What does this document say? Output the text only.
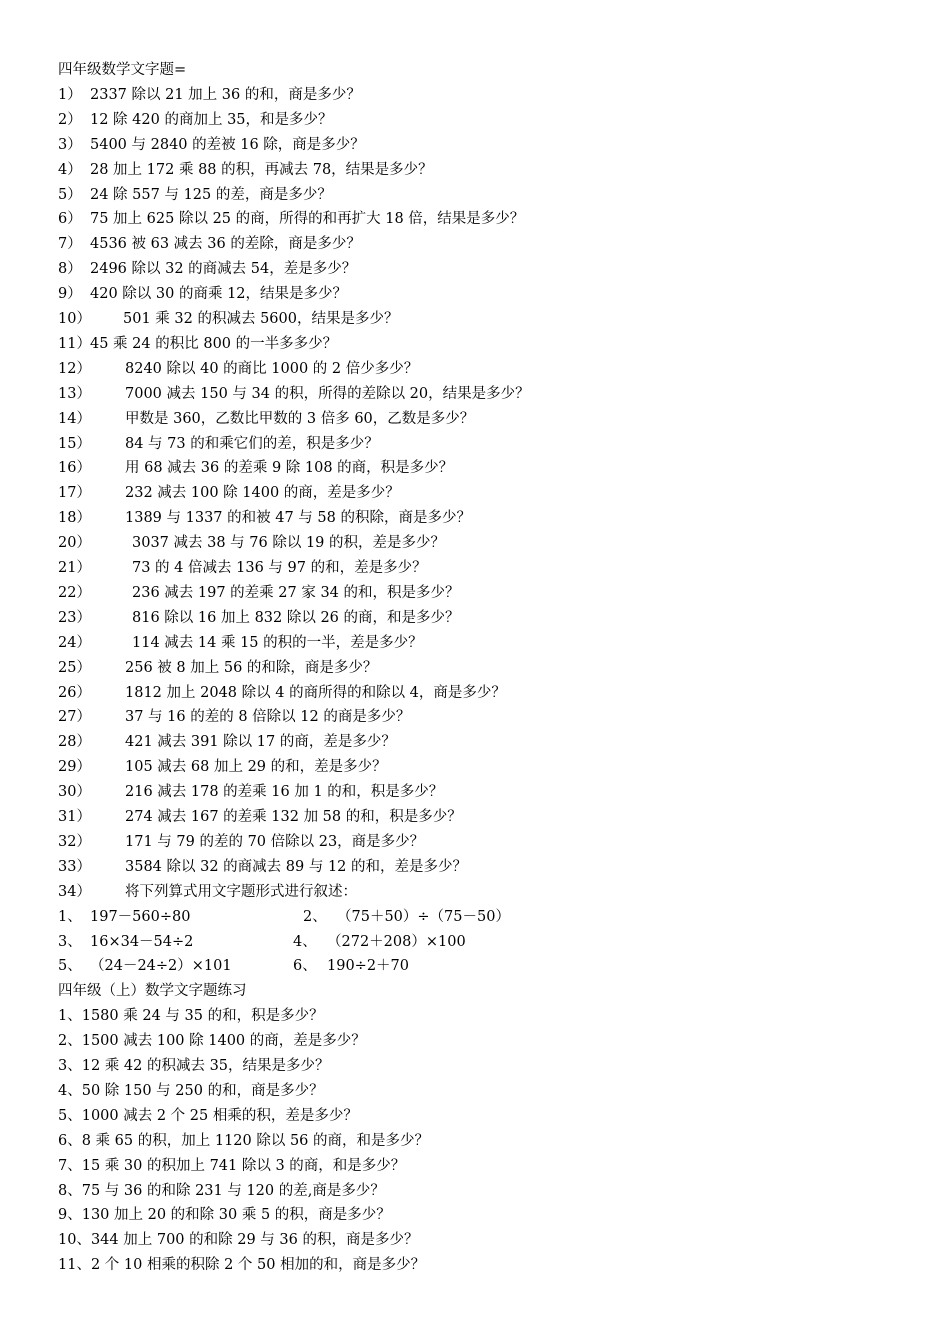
四年级数学文字题=
1） 2337 除以 21 加上 36 的和，商是多少？
2） 12 除 420 的商加上 35，和是多少？
3） 5400 与 2840 的差被 16 除，商是多少？
4） 28 加上 172 乘 88 的积，再减去 78，结果是多少？
5） 24 除 557 与 125 的差，商是多少？
6） 75 加上 625 除以 25 的商，所得的和再扩大 18 倍，结果是多少？
7） 4536 被 63 减去 36 的差除，商是多少？
8） 2496 除以 32 的商减去 54，差是多少？
9） 420 除以 30 的商乘 12，结果是多少？
10） 501 乘 32 的积减去 5600，结果是多少？
11）45 乘 24 的积比 800 的一半多多少？
12） 8240 除以 40 的商比 1000 的 2 倍少多少？
13） 7000 减去 150 与 34 的积，所得的差除以 20，结果是多少？
14） 甲数是 360，乙数比甲数的 3 倍多 60，乙数是多少？
15） 84 与 73 的和乘它们的差，积是多少？
16） 用 68 减去 36 的差乘 9 除 108 的商，积是多少？
17） 232 减去 100 除 1400 的商，差是多少？
18） 1389 与 1337 的和被 47 与 58 的积除，商是多少？
20）	3037 减去 38 与 76 除以 19 的积，差是多少？
21）	73 的 4 倍减去 136 与 97 的和，差是多少？
22）	236 减去 197 的差乘 27 家 34 的和，积是多少？
23）	816 除以 16 加上 832 除以 26 的商，和是多少？
24）	114 减去 14 乘 15 的积的一半，差是多少？
25） 256 被 8 加上 56 的和除，商是多少？
26） 1812 加上 2048 除以 4 的商所得的和除以 4，商是多少？
27） 37 与 16 的差的 8 倍除以 12 的商是多少？
28） 421 减去 391 除以 17 的商，差是多少？
29） 105 减去 68 加上 29 的和，差是多少？
30） 216 减去 178 的差乘 16 加 1 的和，积是多少？
31） 274 减去 167 的差乘 132 加 58 的和，积是多少？
32） 171 与 79 的差的 70 倍除以 23，商是多少？
33） 3584 除以 32 的商减去 89 与 12 的和，差是多少？
34） 将下列算式用文字题形式进行叙述：
1、 197－560÷80	2、 （75＋50）÷（75－50）
3、 16×34－54÷2	4、 （272＋208）×100
5、 （24－24÷2）×101	6、 190÷2＋70
四年级（上）数学文字题练习
1、1580 乘 24 与 35 的和，积是多少？
2、1500 减去 100 除 1400 的商，差是多少？
3、12 乘 42 的积减去 35，结果是多少？
4、50 除 150 与 250 的和，商是多少？
5、1000 减去 2 个 25 相乘的积，差是多少？
6、8 乘 65 的积，加上 1120 除以 56 的商，和是多少？
7、15 乘 30 的积加上 741 除以 3 的商，和是多少？
8、75 与 36 的和除 231 与 120 的差,商是多少？
9、130 加上 20 的和除 30 乘 5 的积，商是多少？
10、344 加上 700 的和除 29 与 36 的积，商是多少？
11、2 个 10 相乘的积除 2 个 50 相加的和，商是多少？
